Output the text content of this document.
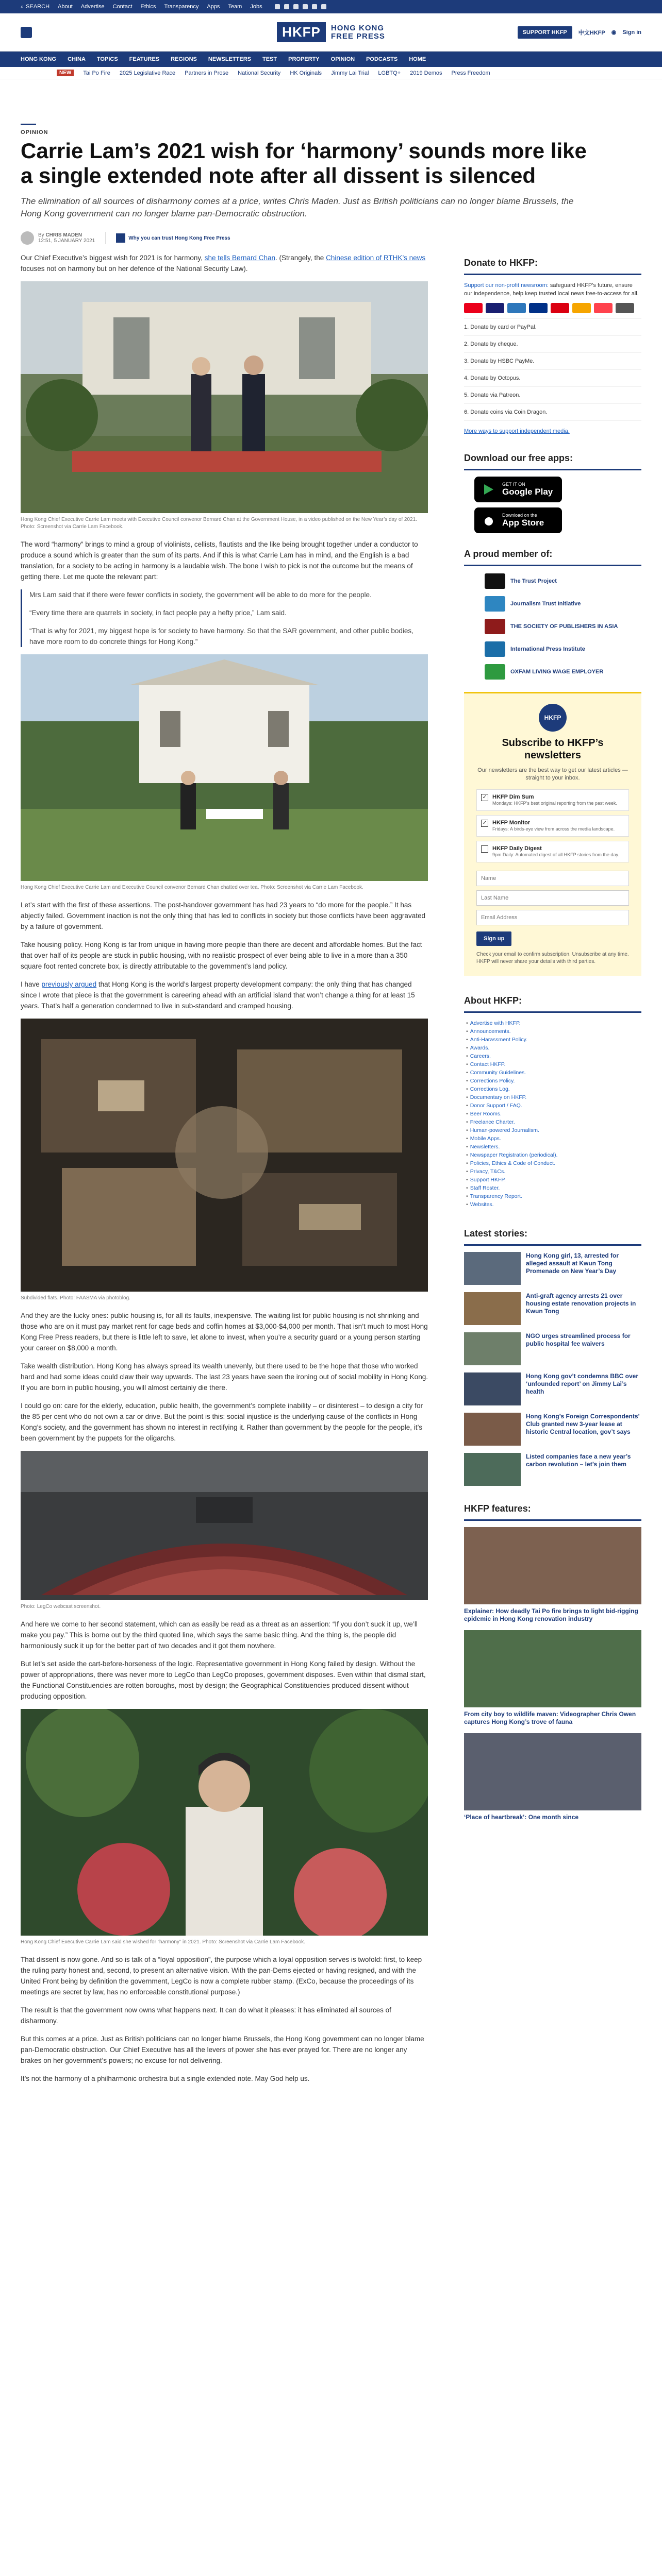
⌕ SEARCH About Advertise Contact Ethics Transparency Apps Team Jobs
HKFP	HONG KONG
FREE PRESS	SUPPORT HKFP	中文HKFP ◉ Sign in
HONG KONG CHINA TOPICS FEATURES REGIONS NEWSLETTERS TEST PROPERTY OPINION PODCASTS HOME
NEW	Tai Po Fire 2025 Legislative Race Partners in Prose National Security HK Originals Jimmy Lai Trial LGBTQ+ 2019 Demos Press Freedom
OPINION
Carrie Lam’s 2021 wish for ‘harmony’ sounds more like a single extended note after all dissent is silenced
The elimination of all sources of disharmony comes at a price, writes Chris Maden. Just as British politicians can no longer blame Brussels, the Hong Kong government can no longer blame pan-Democratic obstruction.
By CHRIS MADEN
12:51, 5 JANUARY 2021	Why you can trust Hong Kong Free Press

Our Chief Executive’s biggest wish for 2021 is for harmony, she tells Bernard Chan. (Strangely, the Chinese edition of RTHK’s news focuses not on harmony but on her defence of the National Security Law).

Hong Kong Chief Executive Carrie Lam meets with Executive Council convenor Bernard Chan at the Government House, in a video published on the New Year’s day of 2021. Photo: Screenshot via Carrie Lam Facebook.

The word “harmony” brings to mind a group of violinists, cellists, flautists and the like being brought together under a conductor to produce a sound which is greater than the sum of its parts. And if this is what Carrie Lam has in mind, and the English is a bad translation, for a society to be acting in harmony is a laudable wish. The bone I wish to pick is not the outcome but the means of getting there. Let me quote the relevant part:

Mrs Lam said that if there were fewer conflicts in society, the government will be able to do more for the people.

“Every time there are quarrels in society, in fact people pay a hefty price,” Lam said.

“That is why for 2021, my biggest hope is for society to have harmony. So that the SAR government, and other public bodies, have more room to do concrete things for Hong Kong.”

Hong Kong Chief Executive Carrie Lam and Executive Council convenor Bernard Chan chatted over tea. Photo: Screenshot via Carrie Lam Facebook.

Let’s start with the first of these assertions. The post-handover government has had 23 years to “do more for the people.” It has abjectly failed. Government inaction is not the only thing that has led to conflicts in society but those conflicts have been aggravated by a failure of government.

Take housing policy. Hong Kong is far from unique in having more people than there are decent and affordable homes. But the fact that over half of its people are stuck in public housing, with no realistic prospect of ever being able to live in a more than a 350 square foot rented concrete box, is directly attributable to the government’s land policy.

I have previously argued that Hong Kong is the world’s largest property development company: the only thing that has changed since I wrote that piece is that the government is careering ahead with an artificial island that won’t change a thing for at least 15 years. That’s half a generation condemned to live in sub-standard and cramped housing.

Subdivided flats. Photo: FAASMA via photoblog.

And they are the lucky ones: public housing is, for all its faults, inexpensive. The waiting list for public housing is not shrinking and those who are on it must pay market rent for cage beds and coffin homes at $3,000-$4,000 per month. That isn’t much to most Hong Kong Free Press readers, but there is little left to save, let alone to invest, when you’re a security guard or a young person starting your career on $8,000 a month.

Take wealth distribution. Hong Kong has always spread its wealth unevenly, but there used to be the hope that those who worked hard and had some ideas could claw their way upwards. The last 23 years have seen the ironing out of social mobility in Hong Kong. If you are born in public housing, you will almost certainly die there.

I could go on: care for the elderly, education, public health, the government’s complete inability – or disinterest – to design a city for the 85 per cent who do not own a car or drive. But the point is this: social injustice is the underlying cause of the conflicts in Hong Kong’s society, and the government has shown no interest in rectifying it. Rather than government by the people for the people, it’s been government by the puppets for the oligarchs.

Photo: LegCo webcast screenshot.

And here we come to her second statement, which can as easily be read as a threat as an assertion: “If you don’t suck it up, we’ll make you pay.” This is borne out by the third quoted line, which says the same basic thing. And the thing is, the people did harmoniously suck it up for the better part of two decades and it got them nowhere.

But let’s set aside the cart-before-horseness of the logic. Representative government in Hong Kong failed by design. Without the power of appropriations, there was never more to LegCo than LegCo proposes, government disposes. Even within that dismal start, the Functional Constituencies are rotten boroughs, most by design; the Geographical Constituencies produced dissent without producing opposition.

Hong Kong Chief Executive Carrie Lam said she wished for “harmony” in 2021. Photo: Screenshot via Carrie Lam Facebook.

That dissent is now gone. And so is talk of a “loyal opposition”, the purpose which a loyal opposition serves is twofold: first, to keep the ruling party honest and, second, to present an alternative vision. With the pan-Dems ejected or having resigned, and with the United Front being by definition the government, LegCo is now a complete rubber stamp. (ExCo, because the proceedings of its meetings are secret by law, has no enforceable constitutional purpose.)

The result is that the government now owns what happens next. It can do what it pleases: it has eliminated all sources of disharmony.

But this comes at a price. Just as British politicians can no longer blame Brussels, the Hong Kong government can no longer blame pan-Democratic obstruction. Our Chief Executive has all the levers of power she has ever prayed for. There are no longer any brakes on her government’s powers; no excuse for not delivering.

It’s not the harmony of a philharmonic orchestra but a single extended note. May God help us.

Donate to HKFP:
Support our non-profit newsroom: safeguard HKFP’s future, ensure our independence, help keep trusted local news free-to-access for all.
1. Donate by card or PayPal.
2. Donate by cheque.
3. Donate by HSBC PayMe.
4. Donate by Octopus.
5. Donate via Patreon.
6. Donate coins via Coin Dragon.
More ways to support independent media.
Download our free apps:
GET IT ON
Google Play
Download on the
App Store
A proud member of:
The Trust Project
Journalism Trust Initiative
THE SOCIETY OF PUBLISHERS IN ASIA
International Press Institute
OXFAM LIVING WAGE EMPLOYER
HKFP
Subscribe to HKFP’s newsletters
Our newsletters are the best way to get our latest articles — straight to your inbox.
✓ HKFP Dim Sum
Mondays: HKFP’s best original reporting from the past week.
✓ HKFP Monitor
Fridays: A birds-eye view from across the media landscape.
HKFP Daily Digest
9pm Daily: Automated digest of all HKFP stories from the day.
Name Last Name Email Address Sign up
Check your email to confirm subscription. Unsubscribe at any time. HKFP will never share your details with third parties.
About HKFP:
• Advertise with HKFP.
• Announcements.
• Anti-Harassment Policy.
• Awards.
• Careers.
• Contact HKFP.
• Community Guidelines.
• Corrections Policy.
• Corrections Log.
• Documentary on HKFP.
• Donor Support / FAQ.
• Beer Rooms.
• Freelance Charter.
• Human-powered Journalism.
• Mobile Apps.
• Newsletters.
• Newspaper Registration (periodical).
• Policies, Ethics & Code of Conduct.
• Privacy, T&Cs.
• Support HKFP.
• Staff Roster.
• Transparency Report.
• Websites.
Latest stories:
Hong Kong girl, 13, arrested for alleged assault at Kwun Tong Promenade on New Year’s Day
Anti-graft agency arrests 21 over housing estate renovation projects in Kwun Tong
NGO urges streamlined process for public hospital fee waivers
Hong Kong gov’t condemns BBC over ‘unfounded report’ on Jimmy Lai’s health
Hong Kong’s Foreign Correspondents’ Club granted new 3-year lease at historic Central location, gov’t says
Listed companies face a new year’s carbon revolution – let’s join them
HKFP features:
Explainer: How deadly Tai Po fire brings to light bid-rigging epidemic in Hong Kong renovation industry
From city boy to wildlife maven: Videographer Chris Owen captures Hong Kong’s trove of fauna
‘Place of heartbreak’: One month since
